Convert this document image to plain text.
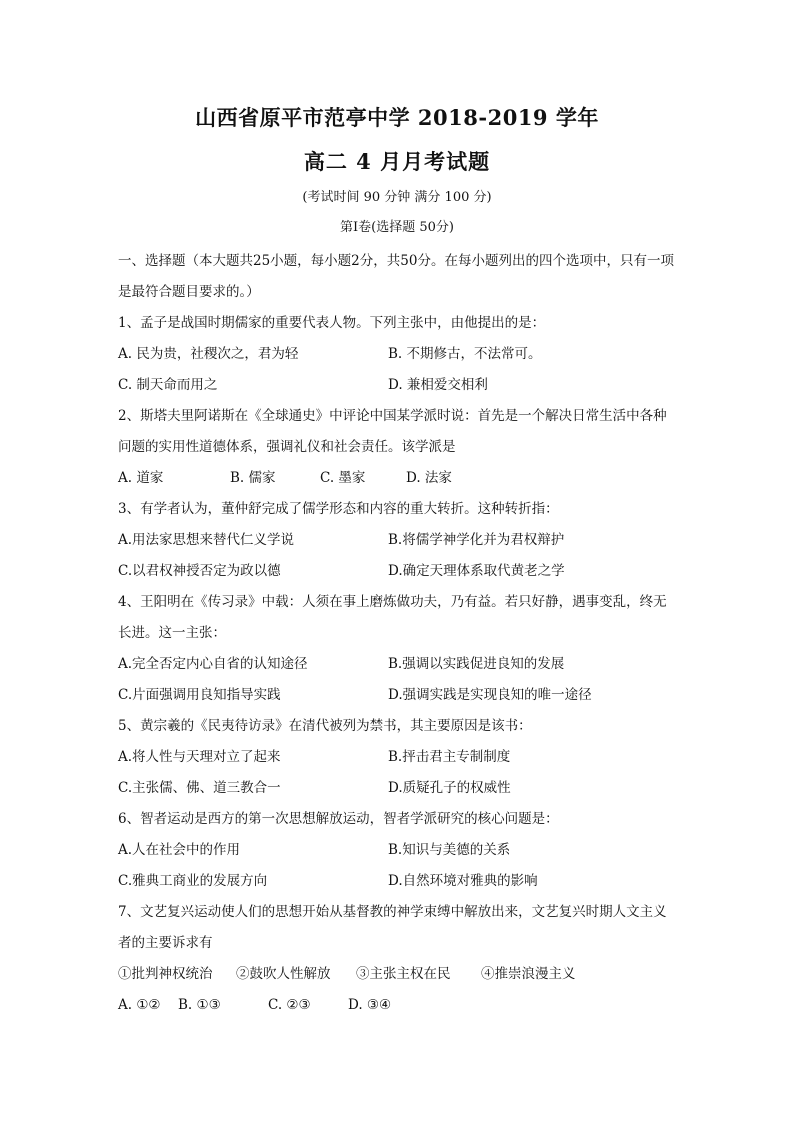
山西省原平市范亭中学 2018-2019 学年
高二 4 月月考试题
(考试时间 90 分钟 满分 100 分)
第Ⅰ卷(选择题 50分)
一、选择题（本大题共25小题，每小题2分，共50分。在每小题列出的四个选项中，只有一项是最符合题目要求的。）
1、孟子是战国时期儒家的重要代表人物。下列主张中，由他提出的是：
A. 民为贵，社稷次之，君为轻	B. 不期修古，不法常可。
C. 制天命而用之	D. 兼相爱交相利
2、斯塔夫里阿诺斯在《全球通史》中评论中国某学派时说：首先是一个解决日常生活中各种问题的实用性道德体系，强调礼仪和社会责任。该学派是
A. 道家	B. 儒家	C. 墨家	D. 法家
3、有学者认为，董仲舒完成了儒学形态和内容的重大转折。这种转折指：
A.用法家思想来替代仁义学说	B.将儒学神学化并为君权辩护
C.以君权神授否定为政以德	D.确定天理体系取代黄老之学
4、王阳明在《传习录》中载：人须在事上磨炼做功夫，乃有益。若只好静，遇事变乱，终无长进。这一主张：
A.完全否定内心自省的认知途径	B.强调以实践促进良知的发展
C.片面强调用良知指导实践	D.强调实践是实现良知的唯一途径
5、黄宗羲的《民夷待访录》在清代被列为禁书，其主要原因是该书：
A.将人性与天理对立了起来	B.抨击君主专制制度
C.主张儒、佛、道三教合一	D.质疑孔子的权威性
6、智者运动是西方的第一次思想解放运动，智者学派研究的核心问题是：
A.人在社会中的作用	B.知识与美德的关系
C.雅典工商业的发展方向	D.自然环境对雅典的影响
7、文艺复兴运动使人们的思想开始从基督教的神学束缚中解放出来，文艺复兴时期人文主义者的主要诉求有
①批判神权统治	②鼓吹人性解放	③主张主权在民	④推崇浪漫主义
A. ①②	B. ①③	C. ②③	D. ③④
